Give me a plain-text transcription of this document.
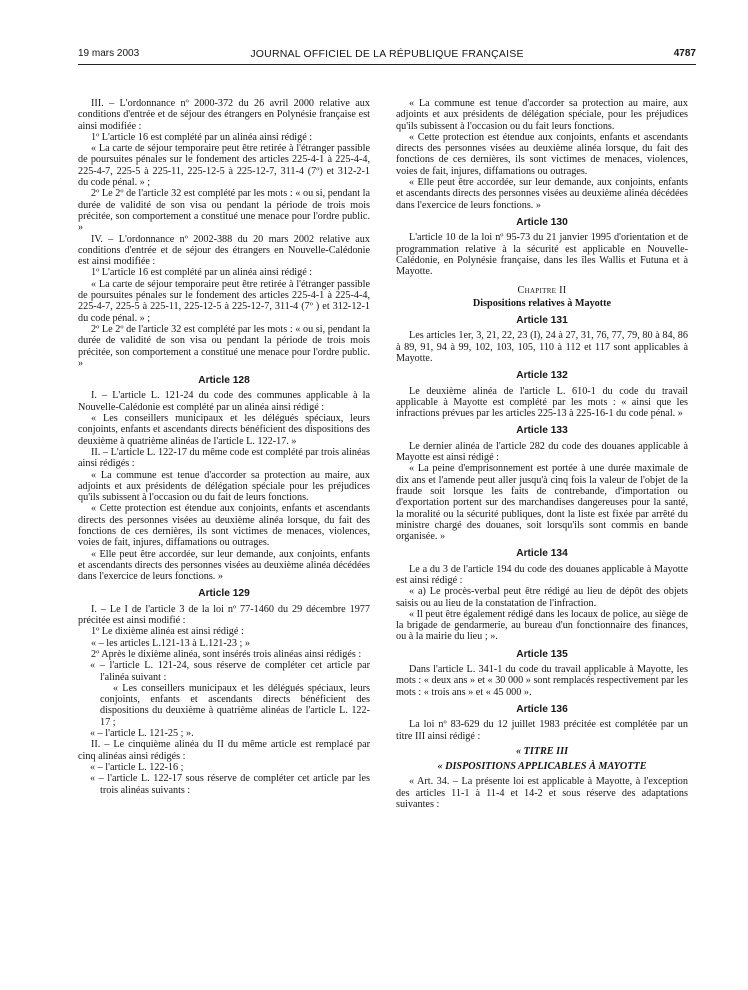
19 mars 2003	JOURNAL OFFICIEL DE LA RÉPUBLIQUE FRANÇAISE	4787

III. – L'ordonnance nº 2000-372 du 26 avril 2000 relative aux conditions d'entrée et de séjour des étrangers en Polynésie française est ainsi modifiée :

1º L'article 16 est complété par un alinéa ainsi rédigé :

« La carte de séjour temporaire peut être retirée à l'étranger passible de poursuites pénales sur le fondement des articles 225-4-1 à 225-4-4, 225-4-7, 225-5 à 225-11, 225-12-5 à 225-12-7, 311-4 (7º) et 312-2-1 du code pénal. » ;

2º Le 2º de l'article 32 est complété par les mots : « ou si, pendant la durée de validité de son visa ou pendant la période de trois mois précitée, son comportement a constitué une menace pour l'ordre public. »

IV. – L'ordonnance nº 2002-388 du 20 mars 2002 relative aux conditions d'entrée et de séjour des étrangers en Nouvelle-Calédonie est ainsi modifiée :

1º L'article 16 est complété par un alinéa ainsi rédigé :

« La carte de séjour temporaire peut être retirée à l'étranger passible de poursuites pénales sur le fondement des articles 225-4-1 à 225-4-4, 225-4-7, 225-5 à 225-11, 225-12-5 à 225-12-7, 311-4 (7º ) et 312-12-1 du code pénal. » ;

2º Le 2º de l'article 32 est complété par les mots : « ou si, pendant la durée de validité de son visa ou pendant la période de trois mois précitée, son comportement a constitué une menace pour l'ordre public. »

Article 128

I. – L'article L. 121-24 du code des communes applicable à la Nouvelle-Calédonie est complété par un alinéa ainsi rédigé :

« Les conseillers municipaux et les délégués spéciaux, leurs conjoints, enfants et ascendants directs bénéficient des dispositions des deuxième à quatrième alinéas de l'article L. 122-17. »

II. – L'article L. 122-17 du même code est complété par trois alinéas ainsi rédigés :

« La commune est tenue d'accorder sa protection au maire, aux adjoints et aux présidents de délégation spéciale pour les préjudices qu'ils subissent à l'occasion ou du fait de leurs fonctions.

« Cette protection est étendue aux conjoints, enfants et ascendants directs des personnes visées au deuxième alinéa lorsque, du fait des fonctions de ces dernières, ils sont victimes de menaces, violences, voies de fait, injures, diffamations ou outrages.

« Elle peut être accordée, sur leur demande, aux conjoints, enfants et ascendants directs des personnes visées au deuxième alinéa décédées dans l'exercice de leurs fonctions. »

Article 129

I. – Le I de l'article 3 de la loi nº 77-1460 du 29 décembre 1977 précitée est ainsi modifié :

1º Le dixième alinéa est ainsi rédigé :

« – les articles L.121-13 à L.121-23 ; »

2º Après le dixième alinéa, sont insérés trois alinéas ainsi rédigés :

« – l'article L. 121-24, sous réserve de compléter cet article par l'alinéa suivant :

« Les conseillers municipaux et les délégués spéciaux, leurs conjoints, enfants et ascendants directs bénéficient des dispositions du deuxième à quatrième alinéas de l'article L. 122-17 ;

« – l'article L. 121-25 ; ».

II. – Le cinquième alinéa du II du même article est remplacé par cinq alinéas ainsi rédigés :

« – l'article L. 122-16 ;

« – l'article L. 122-17 sous réserve de compléter cet article par les trois alinéas suivants :

« La commune est tenue d'accorder sa protection au maire, aux adjoints et aux présidents de délégation spéciale, pour les préjudices qu'ils subissent à l'occasion ou du fait leurs fonctions.

« Cette protection est étendue aux conjoints, enfants et ascendants directs des personnes visées au deuxième alinéa lorsque, du fait des fonctions de ces dernières, ils sont victimes de menaces, violences, voies de fait, injures, diffamations ou outrages.

« Elle peut être accordée, sur leur demande, aux conjoints, enfants et ascendants directs des personnes visées au deuxième alinéa décédées dans l'exercice de leurs fonctions. »

Article 130

L'article 10 de la loi nº 95-73 du 21 janvier 1995 d'orientation et de programmation relative à la sécurité est applicable en Nouvelle-Calédonie, en Polynésie française, dans les îles Wallis et Futuna et à Mayotte.

Chapitre II

Dispositions relatives à Mayotte

Article 131

Les articles 1er, 3, 21, 22, 23 (I), 24 à 27, 31, 76, 77, 79, 80 à 84, 86 à 89, 91, 94 à 99, 102, 103, 105, 110 à 112 et 117 sont applicables à Mayotte.

Article 132

Le deuxième alinéa de l'article L. 610-1 du code du travail applicable à Mayotte est complété par les mots : « ainsi que les infractions prévues par les articles 225-13 à 225-16-1 du code pénal. »

Article 133

Le dernier alinéa de l'article 282 du code des douanes applicable à Mayotte est ainsi rédigé :

« La peine d'emprisonnement est portée à une durée maximale de dix ans et l'amende peut aller jusqu'à cinq fois la valeur de l'objet de la fraude soit lorsque les faits de contrebande, d'importation ou d'exportation portent sur des marchandises dangereuses pour la santé, la moralité ou la sécurité publiques, dont la liste est fixée par arrêté du ministre chargé des douanes, soit lorsqu'ils sont commis en bande organisée. »

Article 134

Le a du 3 de l'article 194 du code des douanes applicable à Mayotte est ainsi rédigé :

« a) Le procès-verbal peut être rédigé au lieu de dépôt des objets saisis ou au lieu de la constatation de l'infraction.

« Il peut être également rédigé dans les locaux de police, au siège de la brigade de gendarmerie, au bureau d'un fonctionnaire des finances, ou à la mairie du lieu ; ».

Article 135

Dans l'article L. 341-1 du code du travail applicable à Mayotte, les mots : « deux ans » et « 30 000 » sont remplacés respectivement par les mots : « trois ans » et « 45 000 ».

Article 136

La loi nº 83-629 du 12 juillet 1983 précitée est complétée par un titre III ainsi rédigé :

« TITRE III

« DISPOSITIONS APPLICABLES À MAYOTTE

« Art. 34. – La présente loi est applicable à Mayotte, à l'exception des articles 11-1 à 11-4 et 14-2 et sous réserve des adaptations suivantes :
